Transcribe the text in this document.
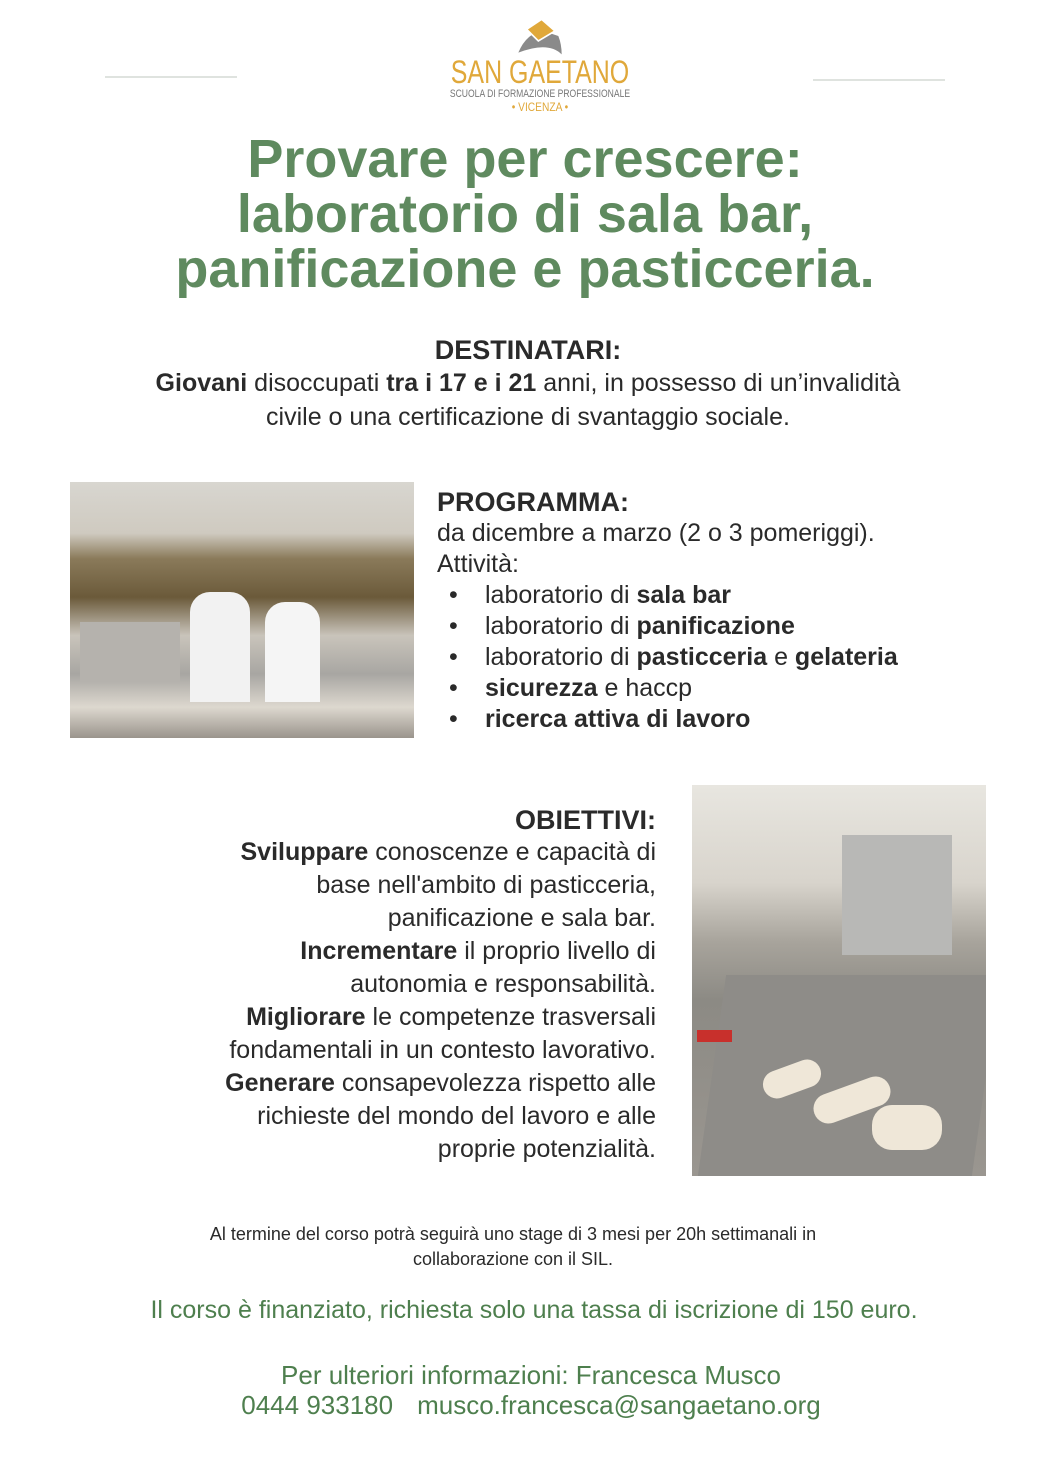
SAN GAETANO
SCUOLA DI FORMAZIONE PROFESSIONALE
• VICENZA •
Provare per crescere:
laboratorio di sala bar,
panificazione e pasticceria.
DESTINATARI:
Giovani disoccupati tra i 17 e i 21 anni, in possesso di un’invalidità
civile o una certificazione di svantaggio sociale.
PROGRAMMA:
da dicembre a marzo (2 o 3 pomeriggi).
Attività:
• laboratorio di sala bar
• laboratorio di panificazione
• laboratorio di pasticceria e gelateria
• sicurezza e haccp
• ricerca attiva di lavoro
OBIETTIVI:
Sviluppare conoscenze e capacità di
base nell'ambito di pasticceria,
panificazione e sala bar.
Incrementare il proprio livello di
autonomia e responsabilità.
Migliorare le competenze trasversali
fondamentali in un contesto lavorativo.
Generare consapevolezza rispetto alle
richieste del mondo del lavoro e alle
proprie potenzialità.
Al termine del corso potrà seguirà uno stage di 3 mesi per 20h settimanali in
collaborazione con il SIL.
Il corso è finanziato, richiesta solo una tassa di iscrizione di 150 euro.
Per ulteriori informazioni: Francesca Musco
0444 933180 musco.francesca@sangaetano.org
